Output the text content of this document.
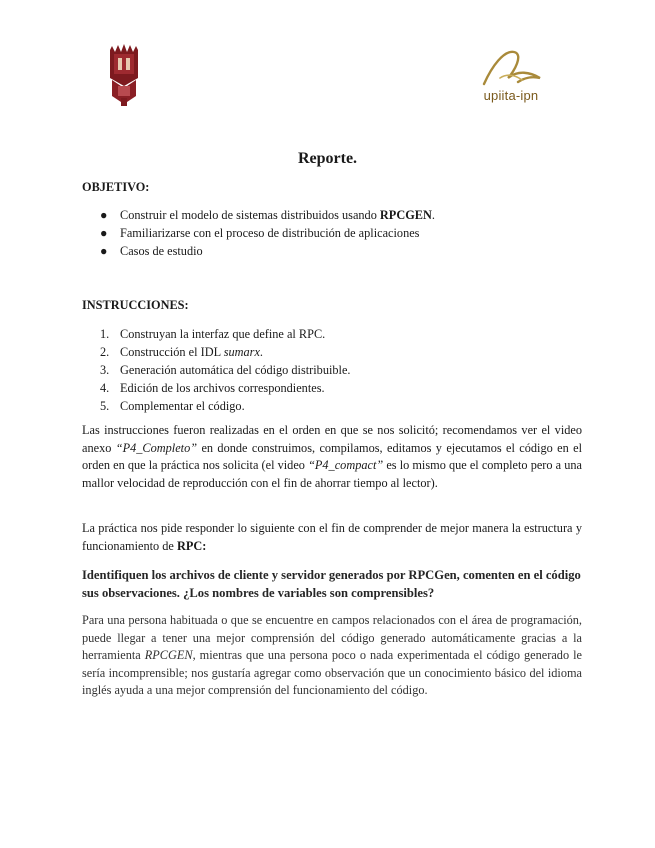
upiita-ipn
Reporte.
OBJETIVO:
● Construir el modelo de sistemas distribuidos usando RPCGEN.
● Familiarizarse con el proceso de distribución de aplicaciones
● Casos de estudio
INSTRUCCIONES:
1. Construyan la interfaz que define al RPC.
2. Construcción el IDL sumarx.
3. Generación automática del código distribuible.
4. Edición de los archivos correspondientes.
5. Complementar el código.

Las instrucciones fueron realizadas en el orden en que se nos solicitó; recomendamos ver el video anexo “P4_Completo” en donde construimos, compilamos, editamos y ejecutamos el código en el orden en que la práctica nos solicita (el video “P4_compact” es lo mismo que el completo pero a una mallor velocidad de reproducción con el fin de ahorrar tiempo al lector).

La práctica nos pide responder lo siguiente con el fin de comprender de mejor manera la estructura y funcionamiento de RPC:

Identifiquen los archivos de cliente y servidor generados por RPCGen, comenten en el código sus observaciones. ¿Los nombres de variables son comprensibles?

Para una persona habituada o que se encuentre en campos relacionados con el área de programación, puede llegar a tener una mejor comprensión del código generado automáticamente gracias a la herramienta RPCGEN, mientras que una persona poco o nada experimentada el código generado le sería incomprensible; nos gustaría agregar como observación que un conocimiento básico del idioma inglés ayuda a una mejor comprensión del funcionamiento del código.
